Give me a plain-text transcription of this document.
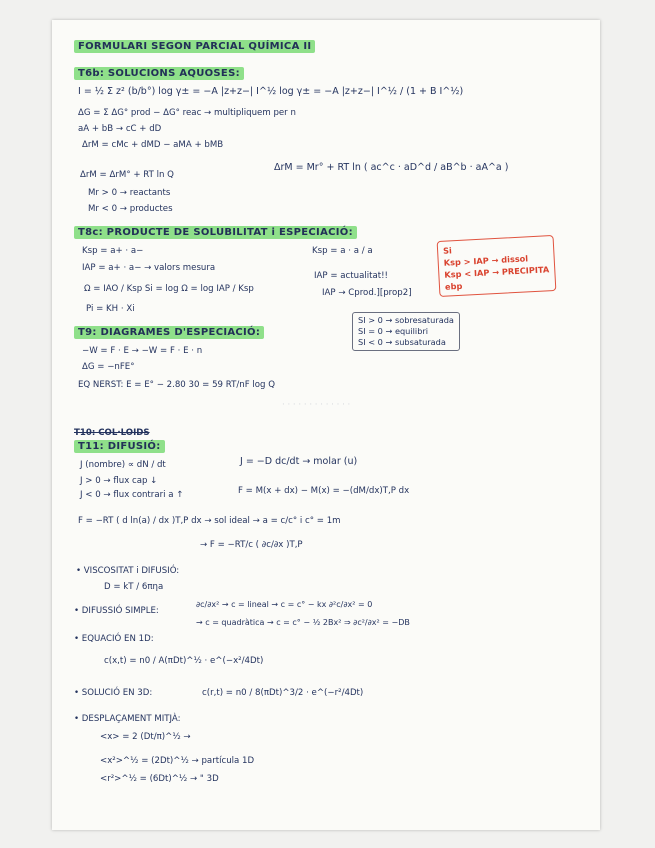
FORMULARI SEGON PARCIAL QUÍMICA II
T6b: SOLUCIONS AQUOSES:
I = ½ Σ z² (b/b°) log γ± = −A |z+z−| I^½ log γ± = −A |z+z−| I^½ / (1 + B I^½)
ΔG = Σ ΔG° prod − ΔG° reac → multipliquem per n
aA + bB → cC + dD
ΔrM = cMc + dMD − aMA + bMB
ΔrM = ΔrM° + RT ln Q
Mr > 0 → reactants
Mr < 0 → productes
ΔrM = Mr° + RT ln ( ac^c · aD^d / aB^b · aA^a )
T8c: PRODUCTE DE SOLUBILITAT i ESPECIACIÓ:
Ksp = a+ · a−
IAP = a+ · a− → valors mesura
Ω = IAO / Ksp Si = log Ω = log IAP / Ksp
Pi = KH · Xi
Ksp = a · a / a
IAP = actualitat!!
IAP → Cprod.][prop2]
Si
Ksp > IAP → dissol
Ksp < IAP → PRECIPITA
ebp
SI > 0 → sobresaturada
SI = 0 → equilibri
SI < 0 → subsaturada
T9: DIAGRAMES D'ESPECIACIÓ:
−W = F · E → −W = F · E · n
ΔG = −nFE°
EQ NERST: E = E° − 2.80 30 = 59 RT/nF log Q
· · · · · · · · · · · · ·
T10: COL·LOIDS
T11: DIFUSIÓ:
J (nombre) ∝ dN / dt
J > 0 → flux cap ↓
J < 0 → flux contrari a ↑
J = −D dc/dt → molar (u)
F = M(x + dx) − M(x) = −(dM/dx)T,P dx
F = −RT ( d ln(a) / dx )T,P dx → sol ideal → a = c/c° i c° = 1m
→ F = −RT/c ( ∂c/∂x )T,P
• VISCOSITAT i DIFUSIÓ:
D = kT / 6πηa
• DIFUSSIÓ SIMPLE:
∂c/∂x² → c = lineal → c = c° − kx ∂²c/∂x² = 0
→ c = quadràtica → c = c° − ½ 2Bx² ⇒ ∂c²/∂x² = −DB
• EQUACIÓ EN 1D:
c(x,t) = n0 / A(πDt)^½ · e^(−x²/4Dt)
• SOLUCIÓ EN 3D:	c(r,t) = n0 / 8(πDt)^3/2 · e^(−r²/4Dt)
• DESPLAÇAMENT MITJÀ:
<x> = 2 (Dt/π)^½ →
<x²>^½ = (2Dt)^½ → partícula 1D
<r²>^½ = (6Dt)^½ → " 3D
